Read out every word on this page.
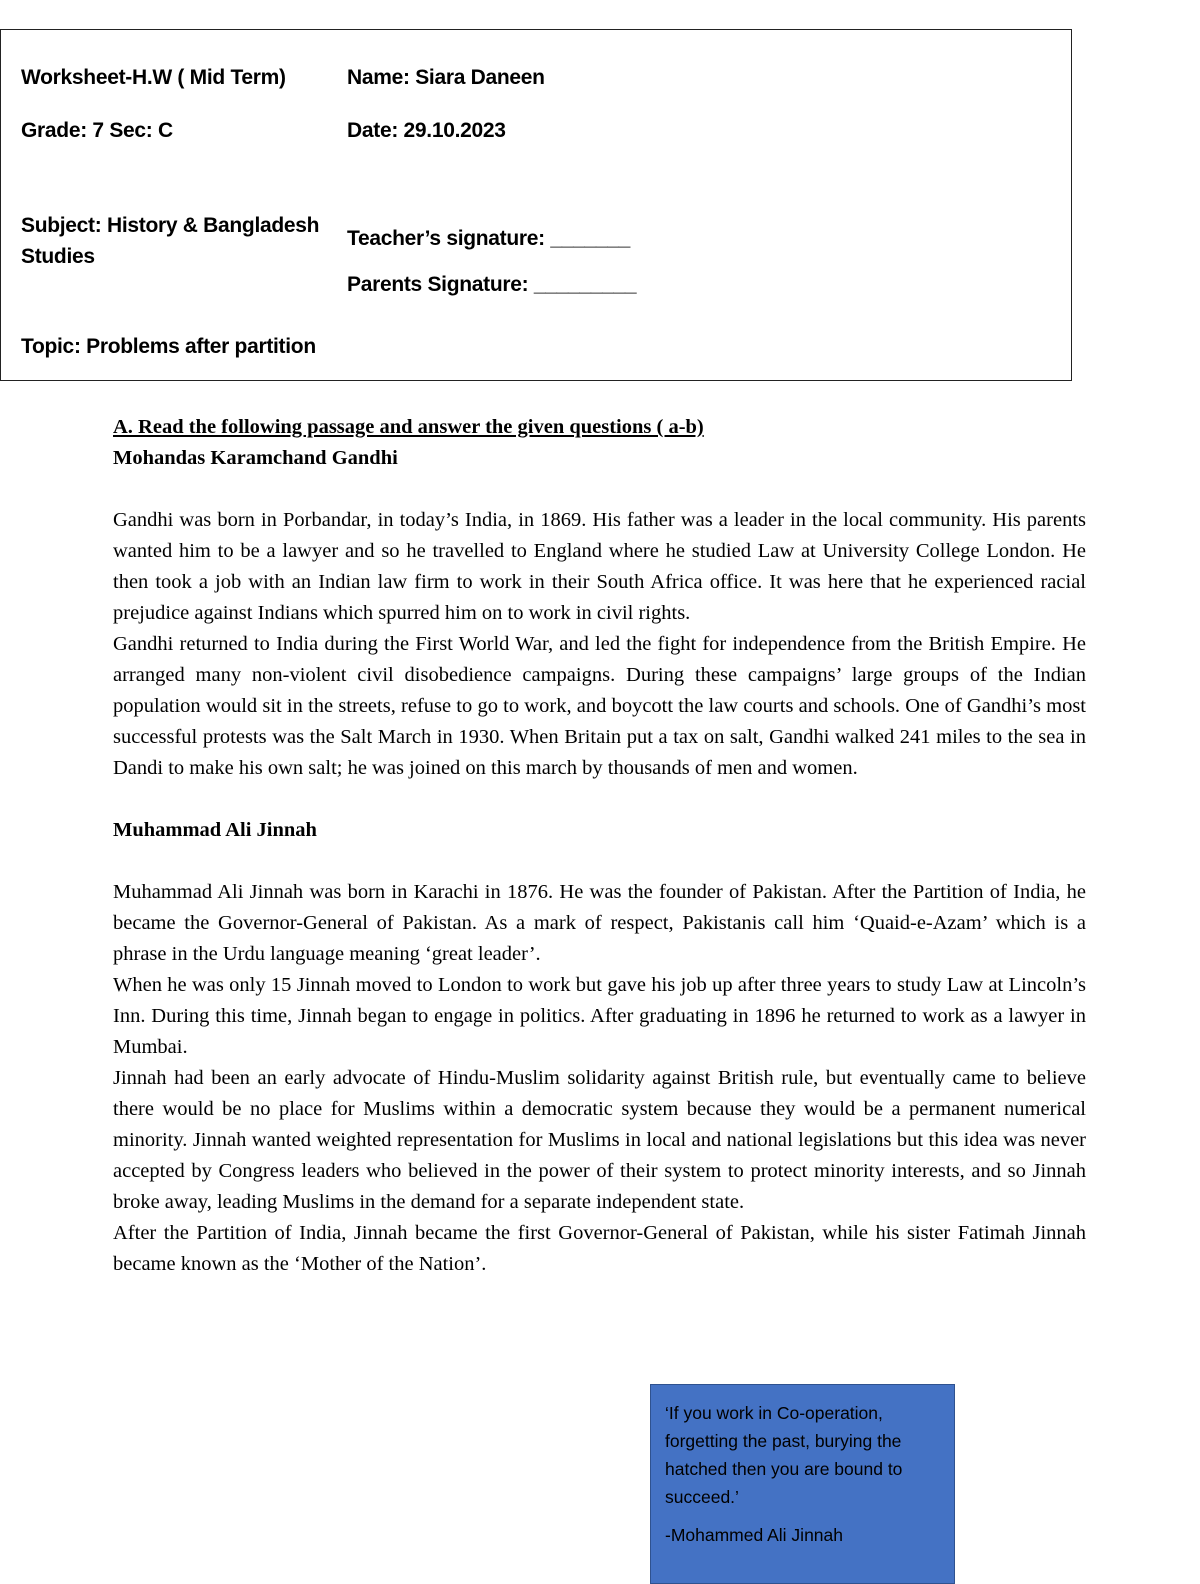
Worksheet-H.W ( Mid Term)	Name: Siara Daneen
Grade: 7 Sec: C	Date: 29.10.2023
Subject: History & Bangladesh Studies
Teacher’s signature: _______
Parents Signature: _________
Topic: Problems after partition

A. Read the following passage and answer the given questions ( a-b)

Mohandas Karamchand Gandhi

Gandhi was born in Porbandar, in today’s India, in 1869. His father was a leader in the local community. His parents wanted him to be a lawyer and so he travelled to England where he studied Law at University College London. He then took a job with an Indian law firm to work in their South Africa office. It was here that he experienced racial prejudice against Indians which spurred him on to work in civil rights.

Gandhi returned to India during the First World War, and led the fight for independence from the British Empire. He arranged many non-violent civil disobedience campaigns. During these campaigns’ large groups of the Indian population would sit in the streets, refuse to go to work, and boycott the law courts and schools. One of Gandhi’s most successful protests was the Salt March in 1930. When Britain put a tax on salt, Gandhi walked 241 miles to the sea in Dandi to make his own salt; he was joined on this march by thousands of men and women.

Muhammad Ali Jinnah

Muhammad Ali Jinnah was born in Karachi in 1876. He was the founder of Pakistan. After the Partition of India, he became the Governor-General of Pakistan. As a mark of respect, Pakistanis call him ‘Quaid-e-Azam’ which is a phrase in the Urdu language meaning ‘great leader’.

When he was only 15 Jinnah moved to London to work but gave his job up after three years to study Law at Lincoln’s Inn. During this time, Jinnah began to engage in politics. After graduating in 1896 he returned to work as a lawyer in Mumbai.

Jinnah had been an early advocate of Hindu-Muslim solidarity against British rule, but eventually came to believe there would be no place for Muslims within a democratic system because they would be a permanent numerical minority. Jinnah wanted weighted representation for Muslims in local and national legislations but this idea was never accepted by Congress leaders who believed in the power of their system to protect minority interests, and so Jinnah broke away, leading Muslims in the demand for a separate independent state.

After the Partition of India, Jinnah became the first Governor-General of Pakistan, while his sister Fatimah Jinnah became known as the ‘Mother of the Nation’.

‘If you work in Co-operation, forgetting the past, burying the hatched then you are bound to succeed.’

-Mohammed Ali Jinnah
